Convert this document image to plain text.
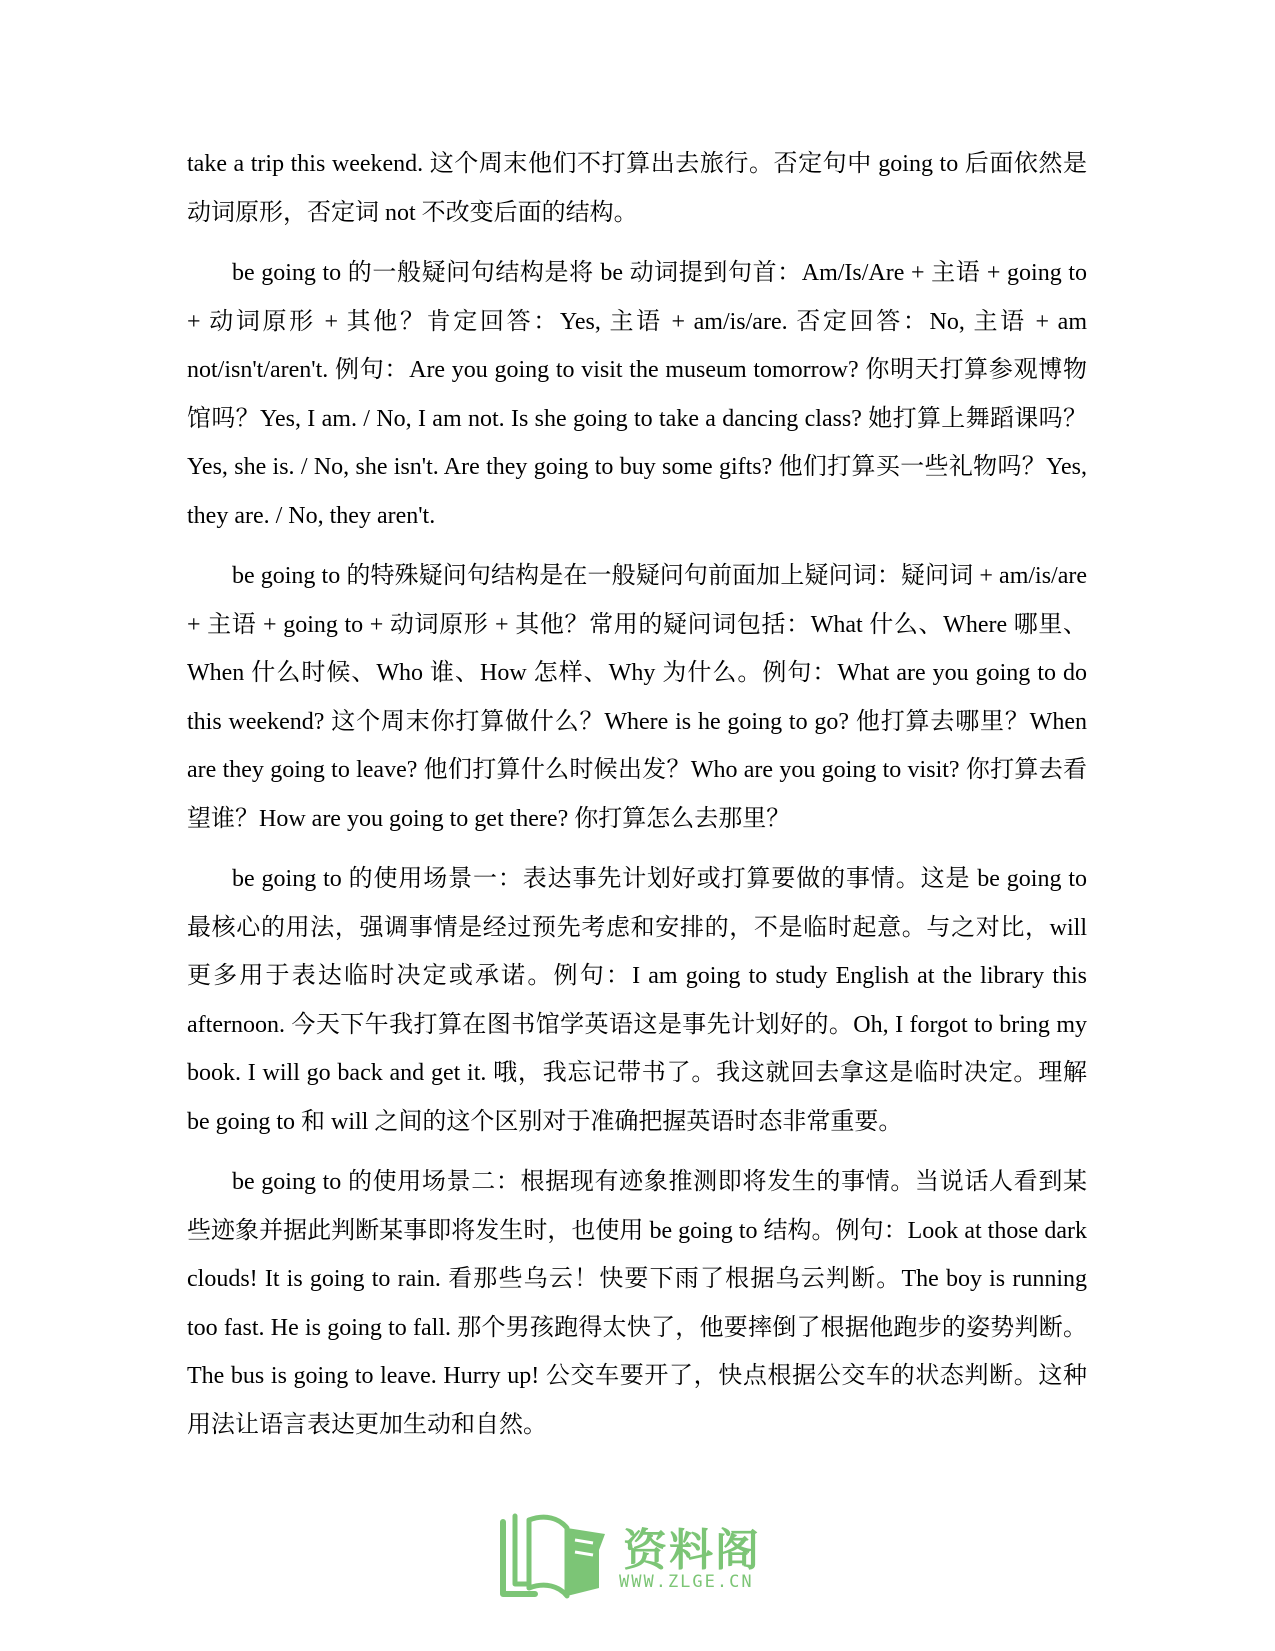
take a trip this weekend. 这个周末他们不打算出去旅行。否定句中 going to 后面依然是动词原形，否定词 not 不改变后面的结构。

be going to 的一般疑问句结构是将 be 动词提到句首：Am/Is/Are + 主语 + going to + 动词原形 + 其他？肯定回答：Yes, 主语 + am/is/are. 否定回答：No, 主语 + am not/isn't/aren't. 例句：Are you going to visit the museum tomorrow? 你明天打算参观博物馆吗？Yes, I am. / No, I am not. Is she going to take a dancing class? 她打算上舞蹈课吗？Yes, she is. / No, she isn't. Are they going to buy some gifts? 他们打算买一些礼物吗？Yes, they are. / No, they aren't.

be going to 的特殊疑问句结构是在一般疑问句前面加上疑问词：疑问词 + am/is/are + 主语 + going to + 动词原形 + 其他？常用的疑问词包括：What 什么、Where 哪里、When 什么时候、Who 谁、How 怎样、Why 为什么。例句：What are you going to do this weekend? 这个周末你打算做什么？Where is he going to go? 他打算去哪里？When are they going to leave? 他们打算什么时候出发？Who are you going to visit? 你打算去看望谁？How are you going to get there? 你打算怎么去那里？

be going to 的使用场景一：表达事先计划好或打算要做的事情。这是 be going to 最核心的用法，强调事情是经过预先考虑和安排的，不是临时起意。与之对比，will 更多用于表达临时决定或承诺。例句：I am going to study English at the library this afternoon. 今天下午我打算在图书馆学英语这是事先计划好的。Oh, I forgot to bring my book. I will go back and get it. 哦，我忘记带书了。我这就回去拿这是临时决定。理解 be going to 和 will 之间的这个区别对于准确把握英语时态非常重要。

be going to 的使用场景二：根据现有迹象推测即将发生的事情。当说话人看到某些迹象并据此判断某事即将发生时，也使用 be going to 结构。例句：Look at those dark clouds! It is going to rain. 看那些乌云！快要下雨了根据乌云判断。The boy is running too fast. He is going to fall. 那个男孩跑得太快了，他要摔倒了根据他跑步的姿势判断。The bus is going to leave. Hurry up! 公交车要开了，快点根据公交车的状态判断。这种用法让语言表达更加生动和自然。

资料阁
WWW.ZLGE.CN
